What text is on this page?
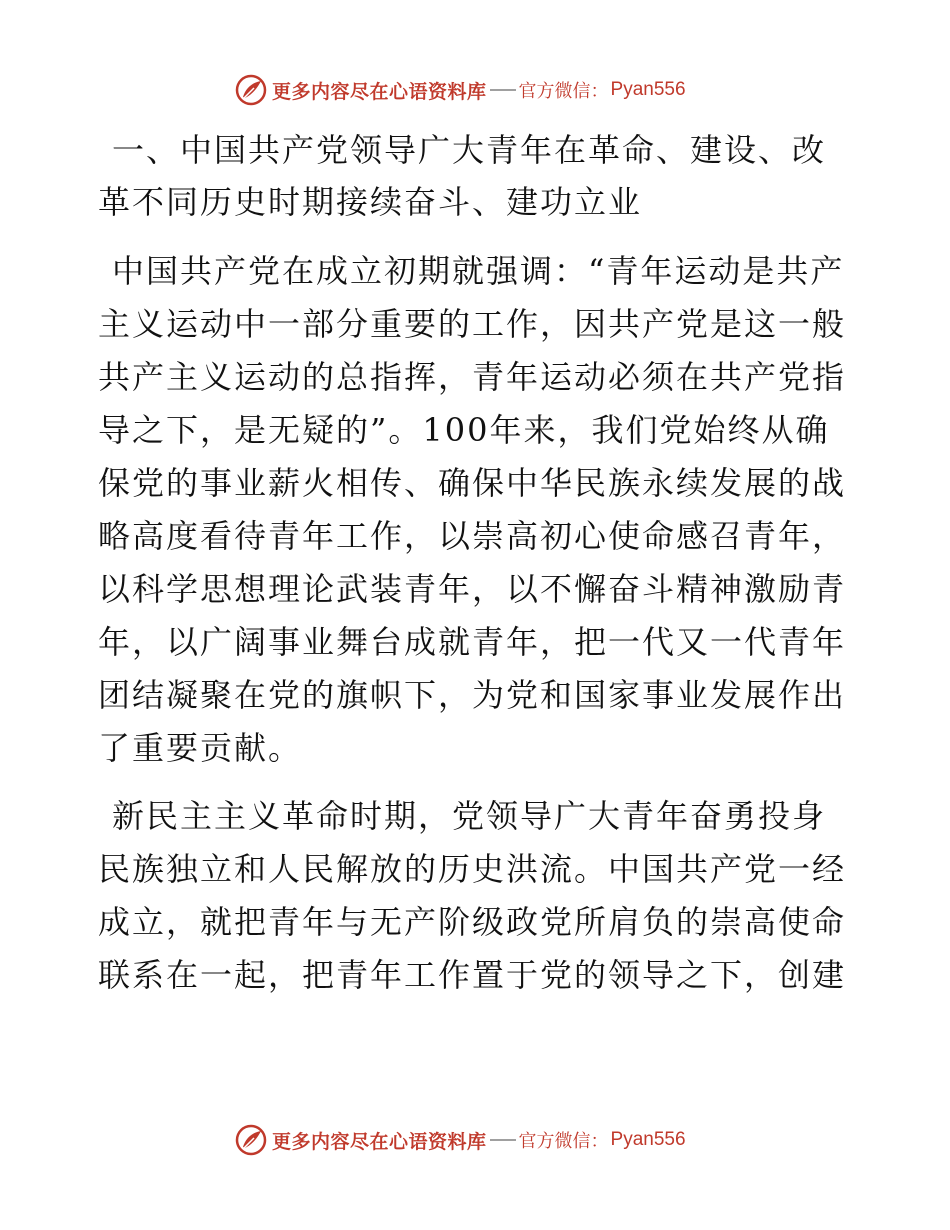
更多内容尽在心语资料库 官方微信： Pyan556

一、中国共产党领导广大青年在革命、建设、改革不同历史时期接续奋斗、建功立业

中国共产党在成立初期就强调：“青年运动是共产主义运动中一部分重要的工作，因共产党是这一般共产主义运动的总指挥，青年运动必须在共产党指导之下，是无疑的”。100年来，我们党始终从确保党的事业薪火相传、确保中华民族永续发展的战略高度看待青年工作，以崇高初心使命感召青年，以科学思想理论武装青年，以不懈奋斗精神激励青年，以广阔事业舞台成就青年，把一代又一代青年团结凝聚在党的旗帜下，为党和国家事业发展作出了重要贡献。

新民主主义革命时期，党领导广大青年奋勇投身民族独立和人民解放的历史洪流。中国共产党一经成立，就把青年与无产阶级政党所肩负的崇高使命联系在一起，把青年工作置于党的领导之下，创建

更多内容尽在心语资料库 官方微信： Pyan556
